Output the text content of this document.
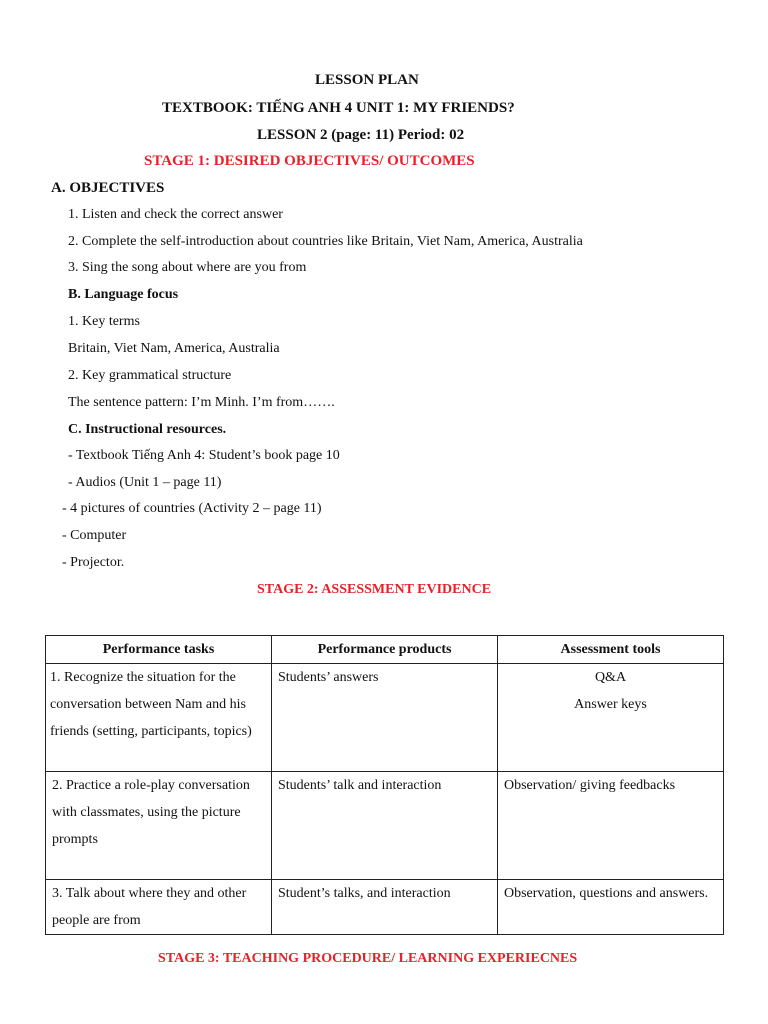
LESSON PLAN
TEXTBOOK: TIẾNG ANH 4 UNIT 1: MY FRIENDS?
LESSON 2 (page: 11) Period: 02
STAGE 1: DESIRED OBJECTIVES/ OUTCOMES
A. OBJECTIVES
1. Listen and check the correct answer
2. Complete the self-introduction about countries like Britain, Viet Nam, America, Australia
3. Sing the song about where are you from
B. Language focus
1. Key terms
Britain, Viet Nam, America, Australia
2. Key grammatical structure
The sentence pattern: I’m Minh. I’m from…….
C. Instructional resources.
- Textbook Tiếng Anh 4: Student’s book page 10
- Audios (Unit 1 – page 11)
- 4 pictures of countries (Activity 2 – page 11)
- Computer
- Projector.
STAGE 2: ASSESSMENT EVIDENCE
Performance tasks	Performance products	Assessment tools

1. Recognize the situation for the conversation between Nam and his friends (setting, participants, topics)	Students’ answers	Q&A
Answer keys

2. Practice a role-play conversation with classmates, using the picture prompts	Students’ talk and interaction	Observation/ giving feedbacks

3. Talk about where they and other people are from	Student’s talks, and interaction	Observation, questions and answers.
STAGE 3: TEACHING PROCEDURE/ LEARNING EXPERIECNES
